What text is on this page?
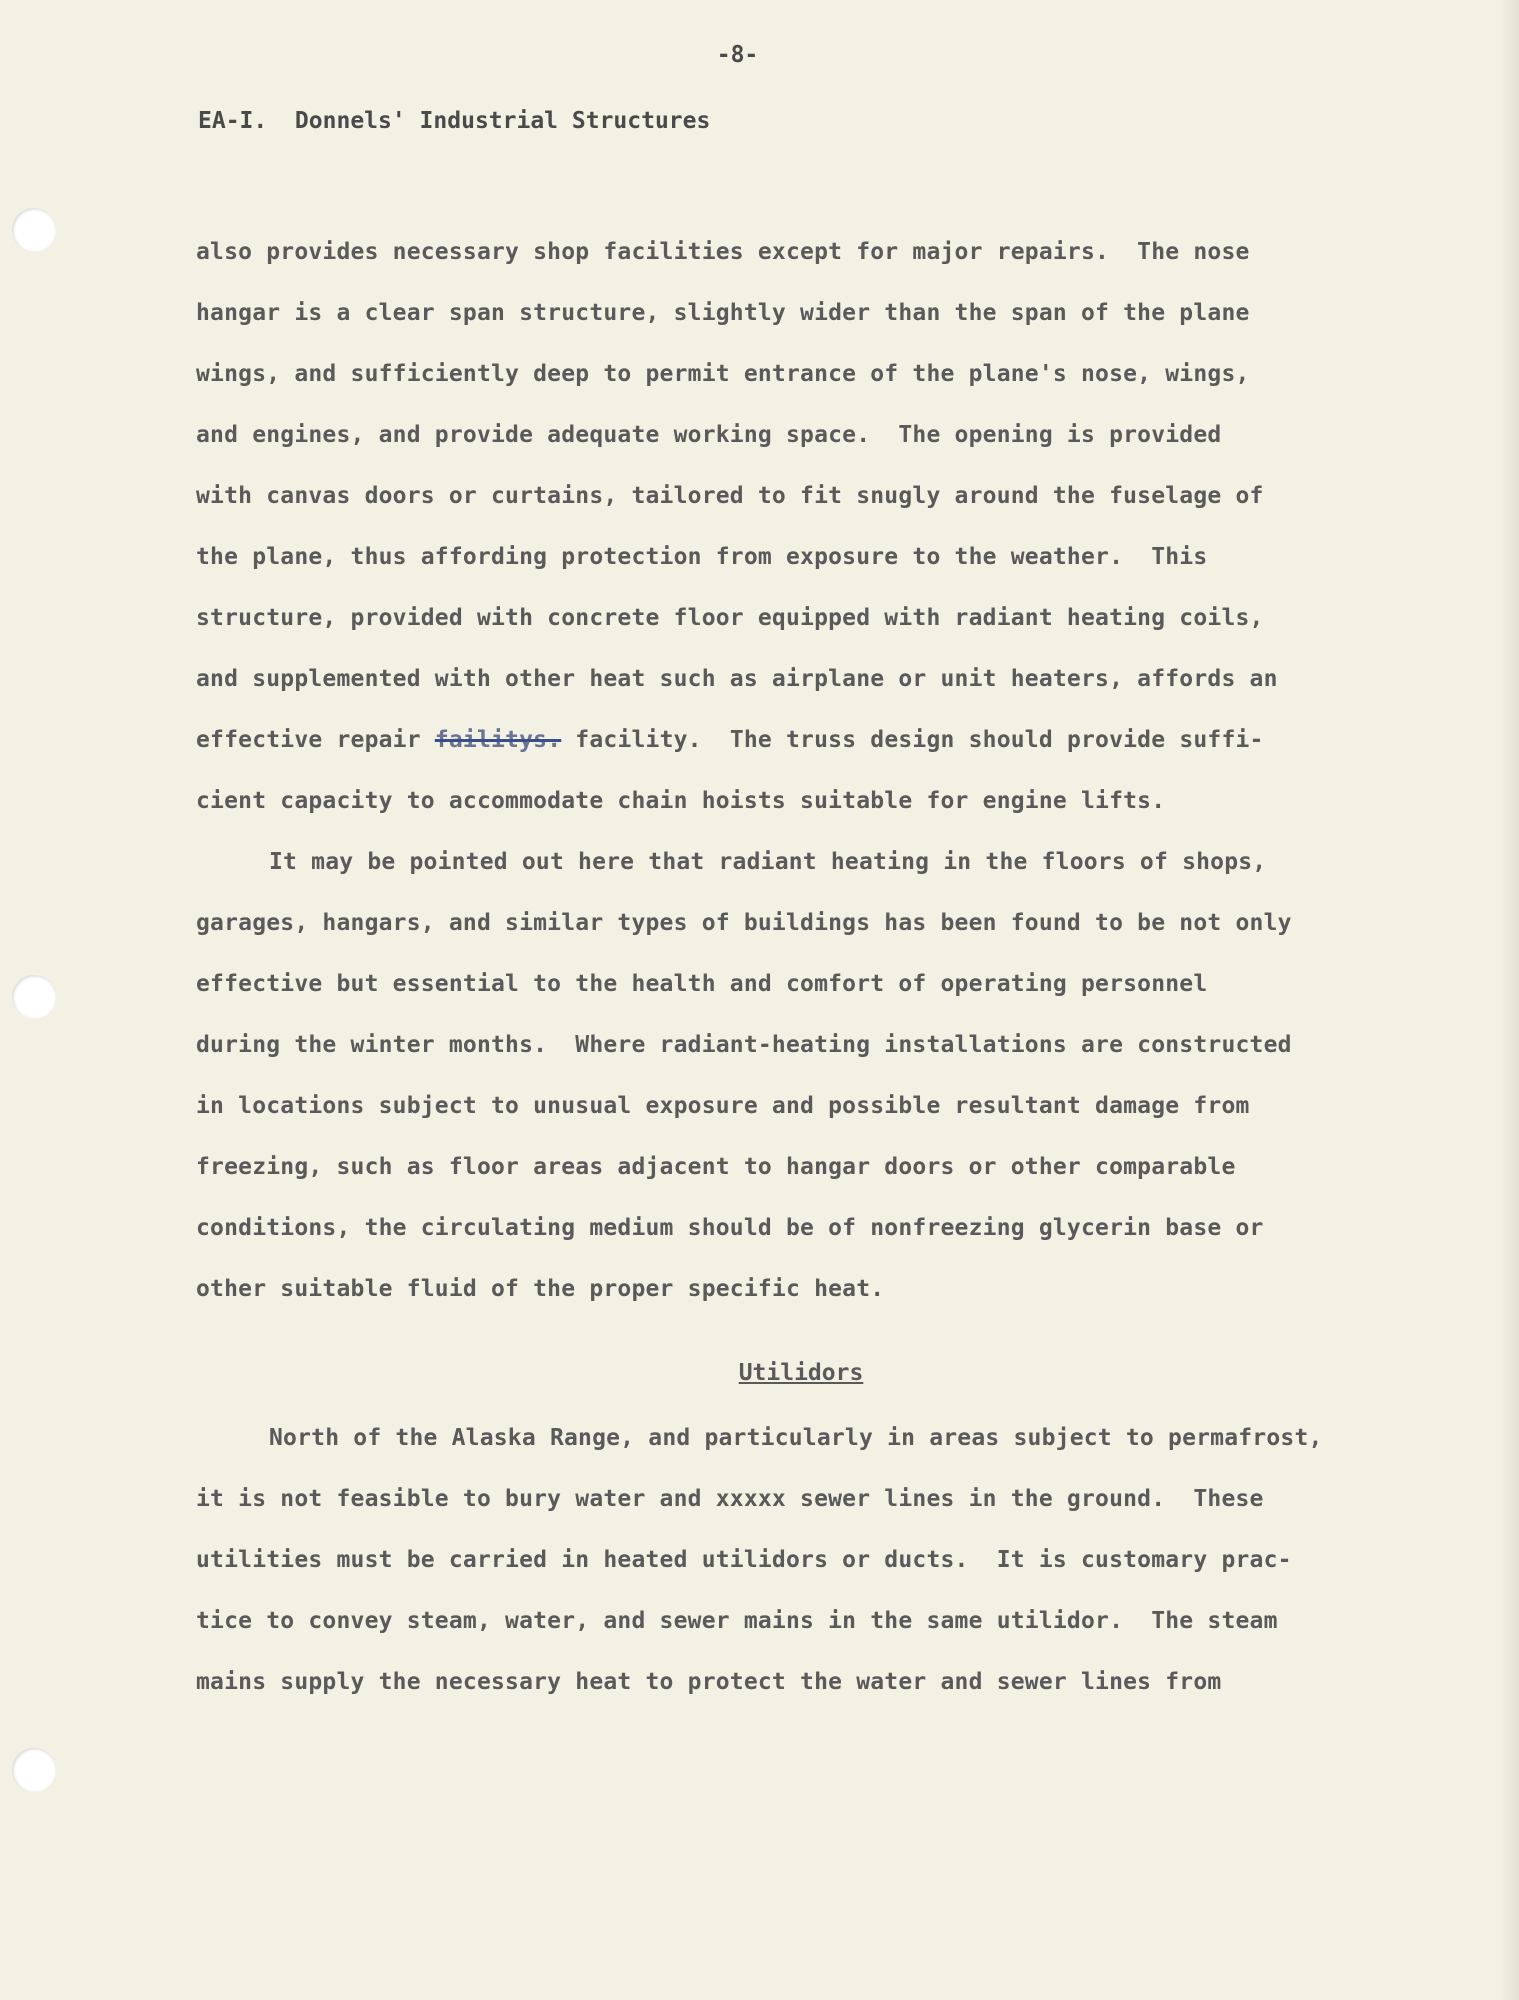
-8-
EA-I.  Donnels' Industrial Structures
also provides necessary shop facilities except for major repairs.  The nose
hangar is a clear span structure, slightly wider than the span of the plane
wings, and sufficiently deep to permit entrance of the plane's nose, wings,
and engines, and provide adequate working space.  The opening is provided
with canvas doors or curtains, tailored to fit snugly around the fuselage of
the plane, thus affording protection from exposure to the weather.  This
structure, provided with concrete floor equipped with radiant heating coils,
and supplemented with other heat such as airplane or unit heaters, affords an
effective repair failitys. facility.  The truss design should provide suffi-
cient capacity to accommodate chain hoists suitable for engine lifts.
It may be pointed out here that radiant heating in the floors of shops,
garages, hangars, and similar types of buildings has been found to be not only
effective but essential to the health and comfort of operating personnel
during the winter months.  Where radiant-heating installations are constructed
in locations subject to unusual exposure and possible resultant damage from
freezing, such as floor areas adjacent to hangar doors or other comparable
conditions, the circulating medium should be of nonfreezing glycerin base or
other suitable fluid of the proper specific heat.
Utilidors
North of the Alaska Range, and particularly in areas subject to permafrost,
it is not feasible to bury water and xxxxx sewer lines in the ground.  These
utilities must be carried in heated utilidors or ducts.  It is customary prac-
tice to convey steam, water, and sewer mains in the same utilidor.  The steam
mains supply the necessary heat to protect the water and sewer lines from
